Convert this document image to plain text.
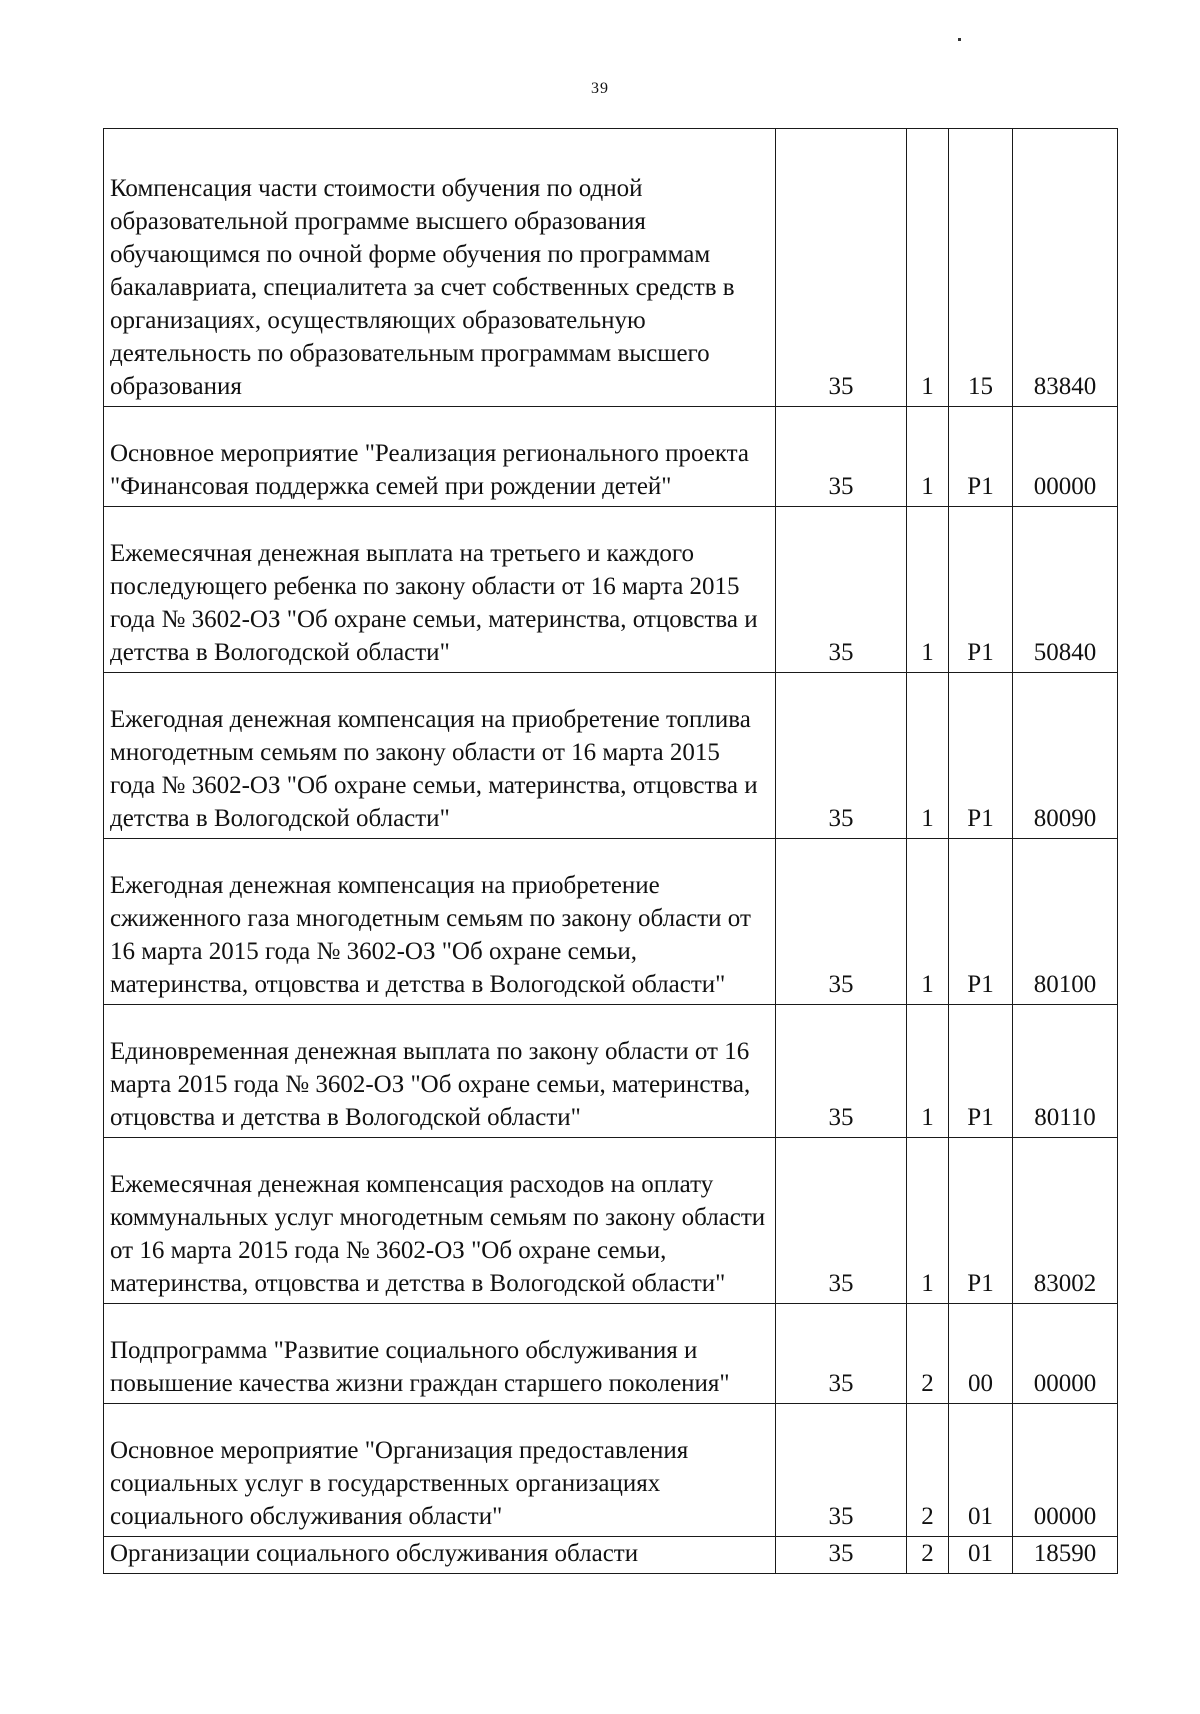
39
Компенсация части стоимости обучения по одной образовательной программе высшего образования обучающимся по очной форме обучения по программам бакалавриата, специалитета за счет собственных средств в организациях, осуществляющих образовательную деятельность по образовательным программам высшего образования	35	1	15	83840
Основное мероприятие "Реализация регионального проекта "Финансовая поддержка семей при рождении детей"	35	1	P1	00000
Ежемесячная денежная выплата на третьего и каждого последующего ребенка по закону области от 16 марта 2015 года № 3602-ОЗ "Об охране семьи, материнства, отцовства и детства в Вологодской области"	35	1	P1	50840
Ежегодная денежная компенсация на приобретение топлива многодетным семьям по закону области от 16 марта 2015 года № 3602-ОЗ "Об охране семьи, материнства, отцовства и детства в Вологодской области"	35	1	P1	80090
Ежегодная денежная компенсация на приобретение сжиженного газа многодетным семьям по закону области от 16 марта 2015 года № 3602-ОЗ "Об охране семьи, материнства, отцовства и детства в Вологодской области"	35	1	P1	80100
Единовременная денежная выплата по закону области от 16 марта 2015 года № 3602-ОЗ "Об охране семьи, материнства, отцовства и детства в Вологодской области"	35	1	P1	80110
Ежемесячная денежная компенсация расходов на оплату коммунальных услуг многодетным семьям по закону области от 16 марта 2015 года № 3602-ОЗ "Об охране семьи, материнства, отцовства и детства в Вологодской области"	35	1	P1	83002
Подпрограмма "Развитие социального обслуживания и повышение качества жизни граждан старшего поколения"	35	2	00	00000
Основное мероприятие "Организация предоставления социальных услуг в государственных организациях социального обслуживания области"	35	2	01	00000
Организации социального обслуживания области	35	2	01	18590
